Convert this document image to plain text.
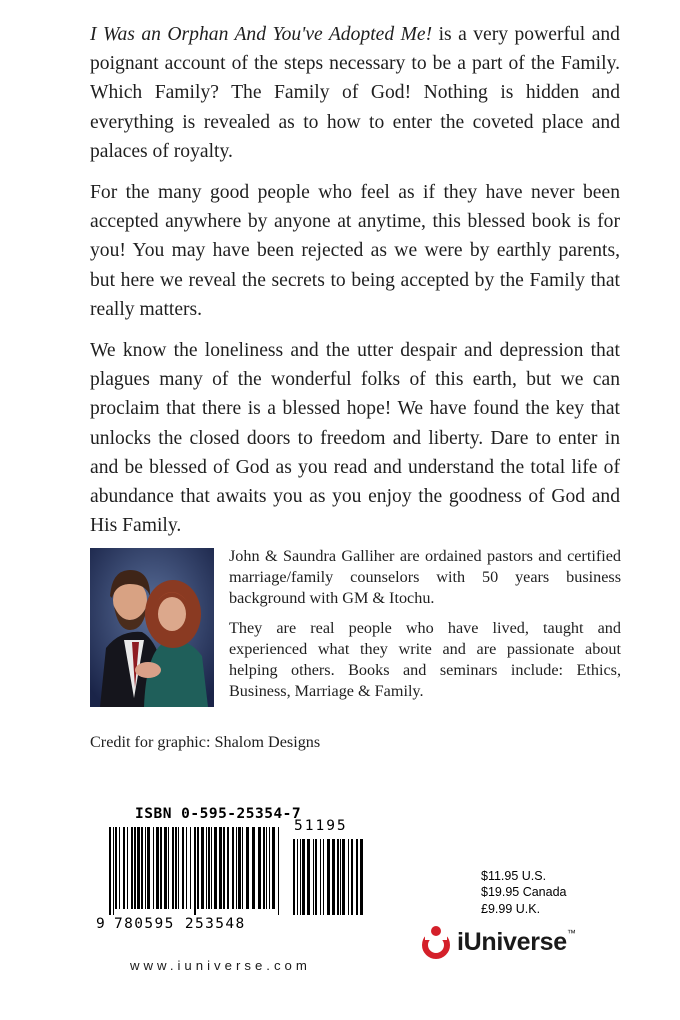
I Was an Orphan And You've Adopted Me! is a very powerful and poignant account of the steps necessary to be a part of the Family. Which Family? The Family of God! Nothing is hidden and everything is revealed as to how to enter the coveted place and palaces of royalty.

For the many good people who feel as if they have never been accepted anywhere by anyone at anytime, this blessed book is for you! You may have been rejected as we were by earthly parents, but here we reveal the secrets to being accepted by the Family that really matters.

We know the loneliness and the utter despair and depression that plagues many of the wonderful folks of this earth, but we can proclaim that there is a blessed hope! We have found the key that unlocks the closed doors to freedom and liberty. Dare to enter in and be blessed of God as you read and understand the total life of abundance that awaits you as you enjoy the goodness of God and His Family.

John & Saundra Galliher are ordained pastors and certified marriage/family counselors with 50 years business background with GM & Itochu.

They are real people who have lived, taught and experienced what they write and are passionate about helping others. Books and seminars include: Ethics, Business, Marriage & Family.

Credit for graphic: Shalom Designs
ISBN 0-595-25354-7
51195
9 780595 253548
$11.95 U.S.
$19.95 Canada
£9.99 U.K.
iUniverse™
www.iuniverse.com
